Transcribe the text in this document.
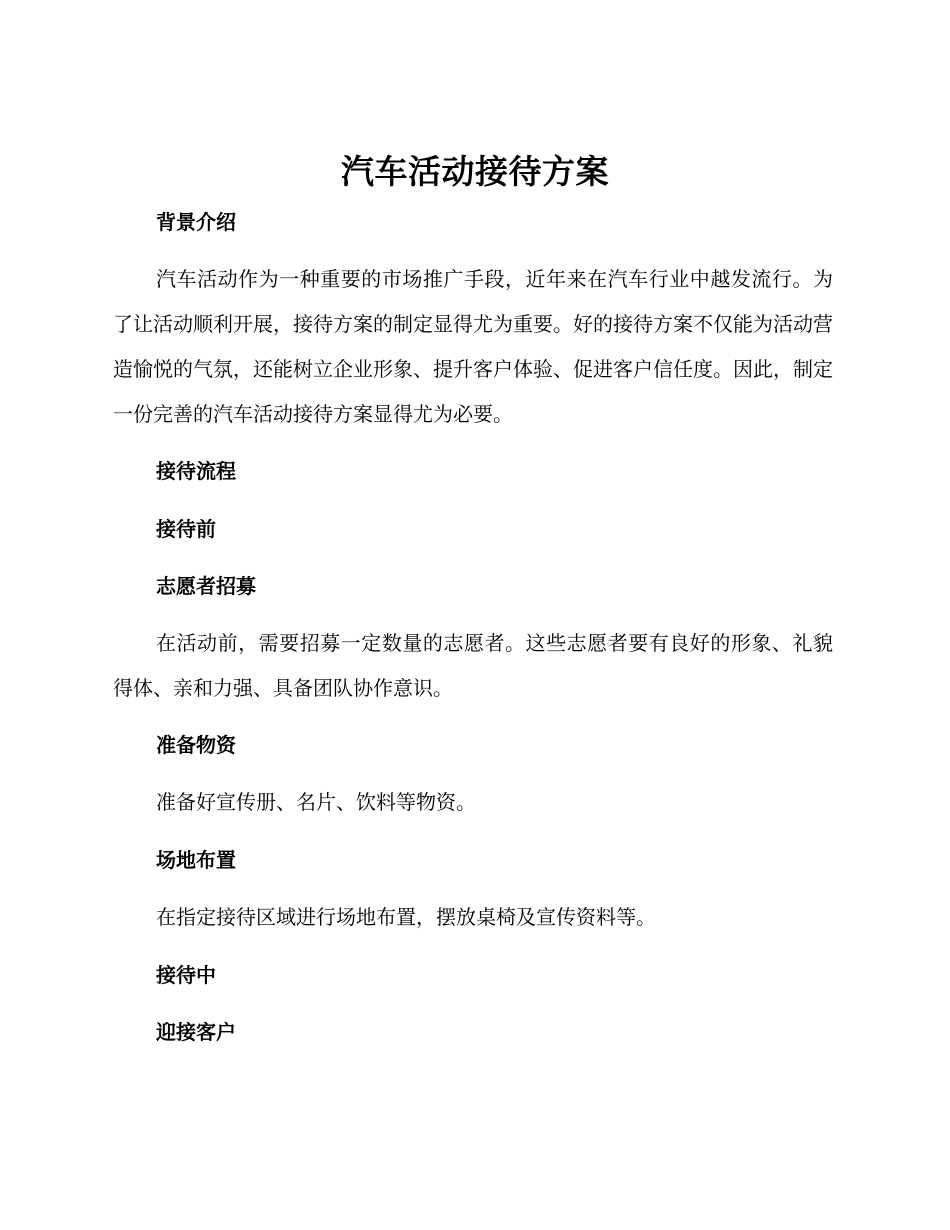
汽车活动接待方案
背景介绍

汽车活动作为一种重要的市场推广手段，近年来在汽车行业中越发流行。为了让活动顺利开展，接待方案的制定显得尤为重要。好的接待方案不仅能为活动营造愉悦的气氛，还能树立企业形象、提升客户体验、促进客户信任度。因此，制定一份完善的汽车活动接待方案显得尤为必要。

接待流程
接待前
志愿者招募

在活动前，需要招募一定数量的志愿者。这些志愿者要有良好的形象、礼貌得体、亲和力强、具备团队协作意识。

准备物资

准备好宣传册、名片、饮料等物资。

场地布置

在指定接待区域进行场地布置，摆放桌椅及宣传资料等。

接待中
迎接客户
